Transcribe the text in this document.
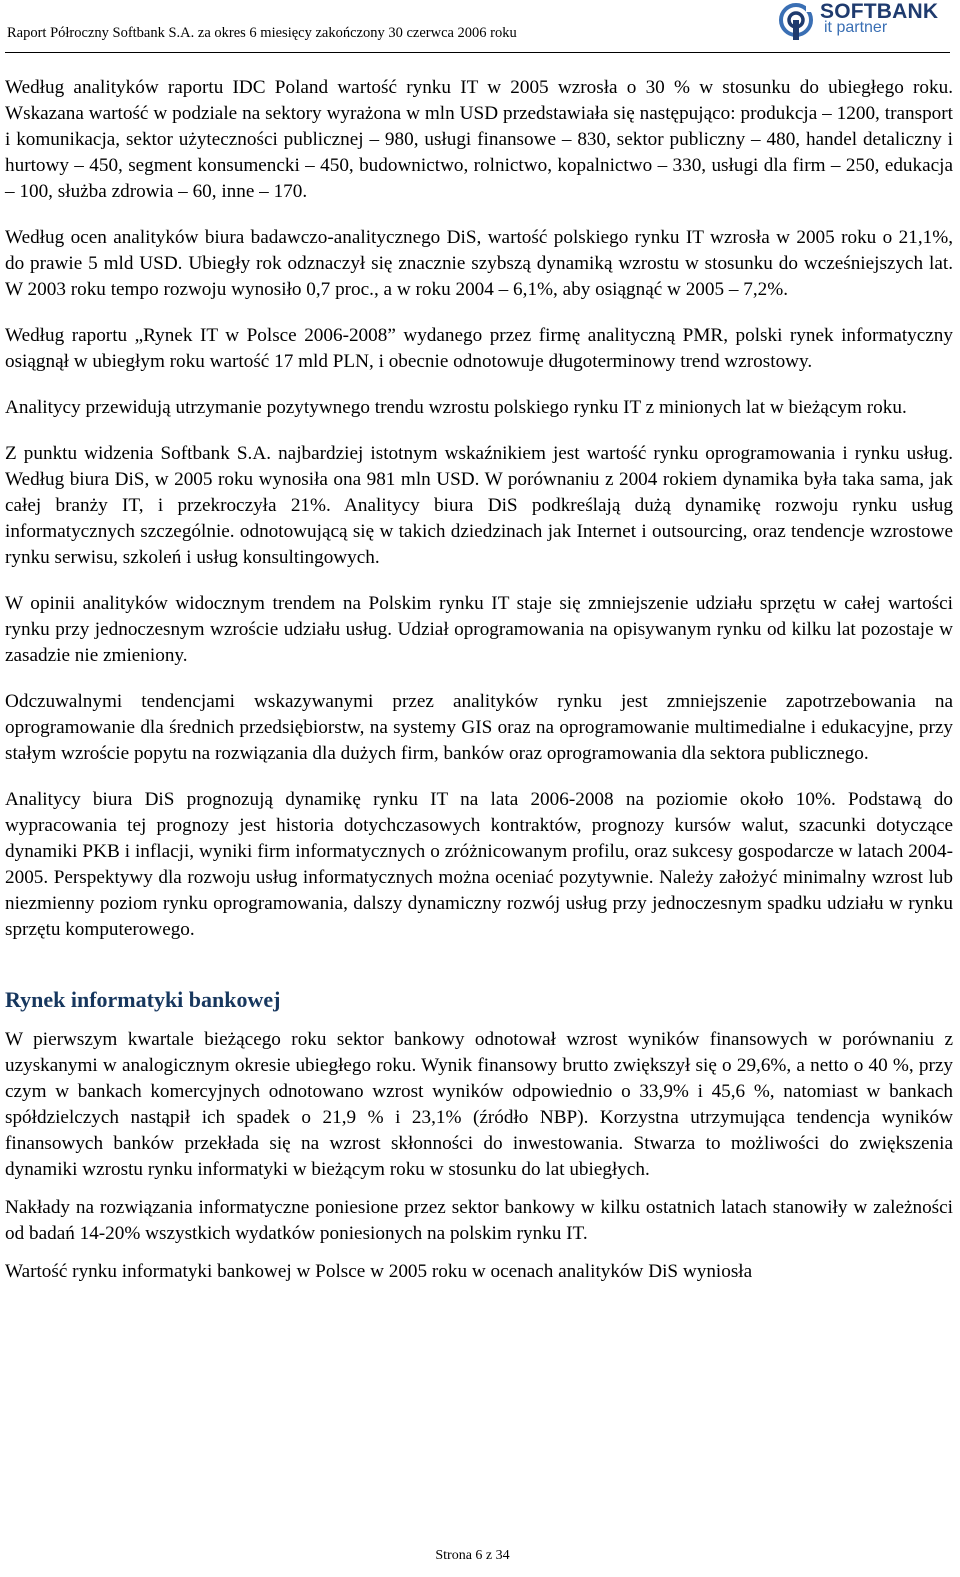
Raport Półroczny Softbank S.A. za okres 6 miesięcy zakończony 30 czerwca 2006 roku
SOFTBANK
it partner

Według analityków raportu IDC Poland wartość rynku IT w 2005 wzrosła o 30 % w stosunku do ubiegłego roku. Wskazana wartość w podziale na sektory wyrażona w mln USD przedstawiała się następująco: produkcja – 1200, transport i komunikacja, sektor użyteczności publicznej – 980, usługi finansowe – 830, sektor publiczny – 480, handel detaliczny i hurtowy – 450, segment konsumencki – 450, budownictwo, rolnictwo, kopalnictwo – 330, usługi dla firm – 250, edukacja – 100, służba zdrowia – 60, inne – 170.

Według ocen analityków biura badawczo-analitycznego DiS, wartość polskiego rynku IT wzrosła w 2005 roku o 21,1%, do prawie 5 mld USD. Ubiegły rok odznaczył się znacznie szybszą dynamiką wzrostu w stosunku do wcześniejszych lat. W 2003 roku tempo rozwoju wynosiło 0,7 proc., a w roku 2004 – 6,1%, aby osiągnąć w 2005 – 7,2%.

Według raportu „Rynek IT w Polsce 2006-2008” wydanego przez firmę analityczną PMR, polski rynek informatyczny osiągnął w ubiegłym roku wartość 17 mld PLN, i obecnie odnotowuje długoterminowy trend wzrostowy.

Analitycy przewidują utrzymanie pozytywnego trendu wzrostu polskiego rynku IT z minionych lat w bieżącym roku.

Z punktu widzenia Softbank S.A. najbardziej istotnym wskaźnikiem jest wartość rynku oprogramowania i rynku usług. Według biura DiS, w 2005 roku wynosiła ona 981 mln USD. W porównaniu z 2004 rokiem dynamika była taka sama, jak całej branży IT, i przekroczyła 21%. Analitycy biura DiS podkreślają dużą dynamikę rozwoju rynku usług informatycznych szczególnie. odnotowującą się w takich dziedzinach jak Internet i outsourcing, oraz tendencje wzrostowe rynku serwisu, szkoleń i usług konsultingowych.

W opinii analityków widocznym trendem na Polskim rynku IT staje się zmniejszenie udziału sprzętu w całej wartości rynku przy jednoczesnym wzroście udziału usług. Udział oprogramowania na opisywanym rynku od kilku lat pozostaje w zasadzie nie zmieniony.

Odczuwalnymi tendencjami wskazywanymi przez analityków rynku jest zmniejszenie zapotrzebowania na oprogramowanie dla średnich przedsiębiorstw, na systemy GIS oraz na oprogramowanie multimedialne i edukacyjne, przy stałym wzroście popytu na rozwiązania dla dużych firm, banków oraz oprogramowania dla sektora publicznego.

Analitycy biura DiS prognozują dynamikę rynku IT na lata 2006-2008 na poziomie około 10%. Podstawą do wypracowania tej prognozy jest historia dotychczasowych kontraktów, prognozy kursów walut, szacunki dotyczące dynamiki PKB i inflacji, wyniki firm informatycznych o zróżnicowanym profilu, oraz sukcesy gospodarcze w latach 2004-2005. Perspektywy dla rozwoju usług informatycznych można oceniać pozytywnie. Należy założyć minimalny wzrost lub niezmienny poziom rynku oprogramowania, dalszy dynamiczny rozwój usług przy jednoczesnym spadku udziału w rynku sprzętu komputerowego.

Rynek informatyki bankowej

W pierwszym kwartale bieżącego roku sektor bankowy odnotował wzrost wyników finansowych w porównaniu z uzyskanymi w analogicznym okresie ubiegłego roku. Wynik finansowy brutto zwiększył się o 29,6%, a netto o 40 %, przy czym w bankach komercyjnych odnotowano wzrost wyników odpowiednio o 33,9% i 45,6 %, natomiast w bankach spółdzielczych nastąpił ich spadek o 21,9 % i 23,1% (źródło NBP). Korzystna utrzymująca tendencja wyników finansowych banków przekłada się na wzrost skłonności do inwestowania. Stwarza to możliwości do zwiększenia dynamiki wzrostu rynku informatyki w bieżącym roku w stosunku do lat ubiegłych.

Nakłady na rozwiązania informatyczne poniesione przez sektor bankowy w kilku ostatnich latach stanowiły w zależności od badań 14-20% wszystkich wydatków poniesionych na polskim rynku IT.

Wartość rynku informatyki bankowej w Polsce w 2005 roku w ocenach analityków DiS wyniosła

Strona 6 z 34
